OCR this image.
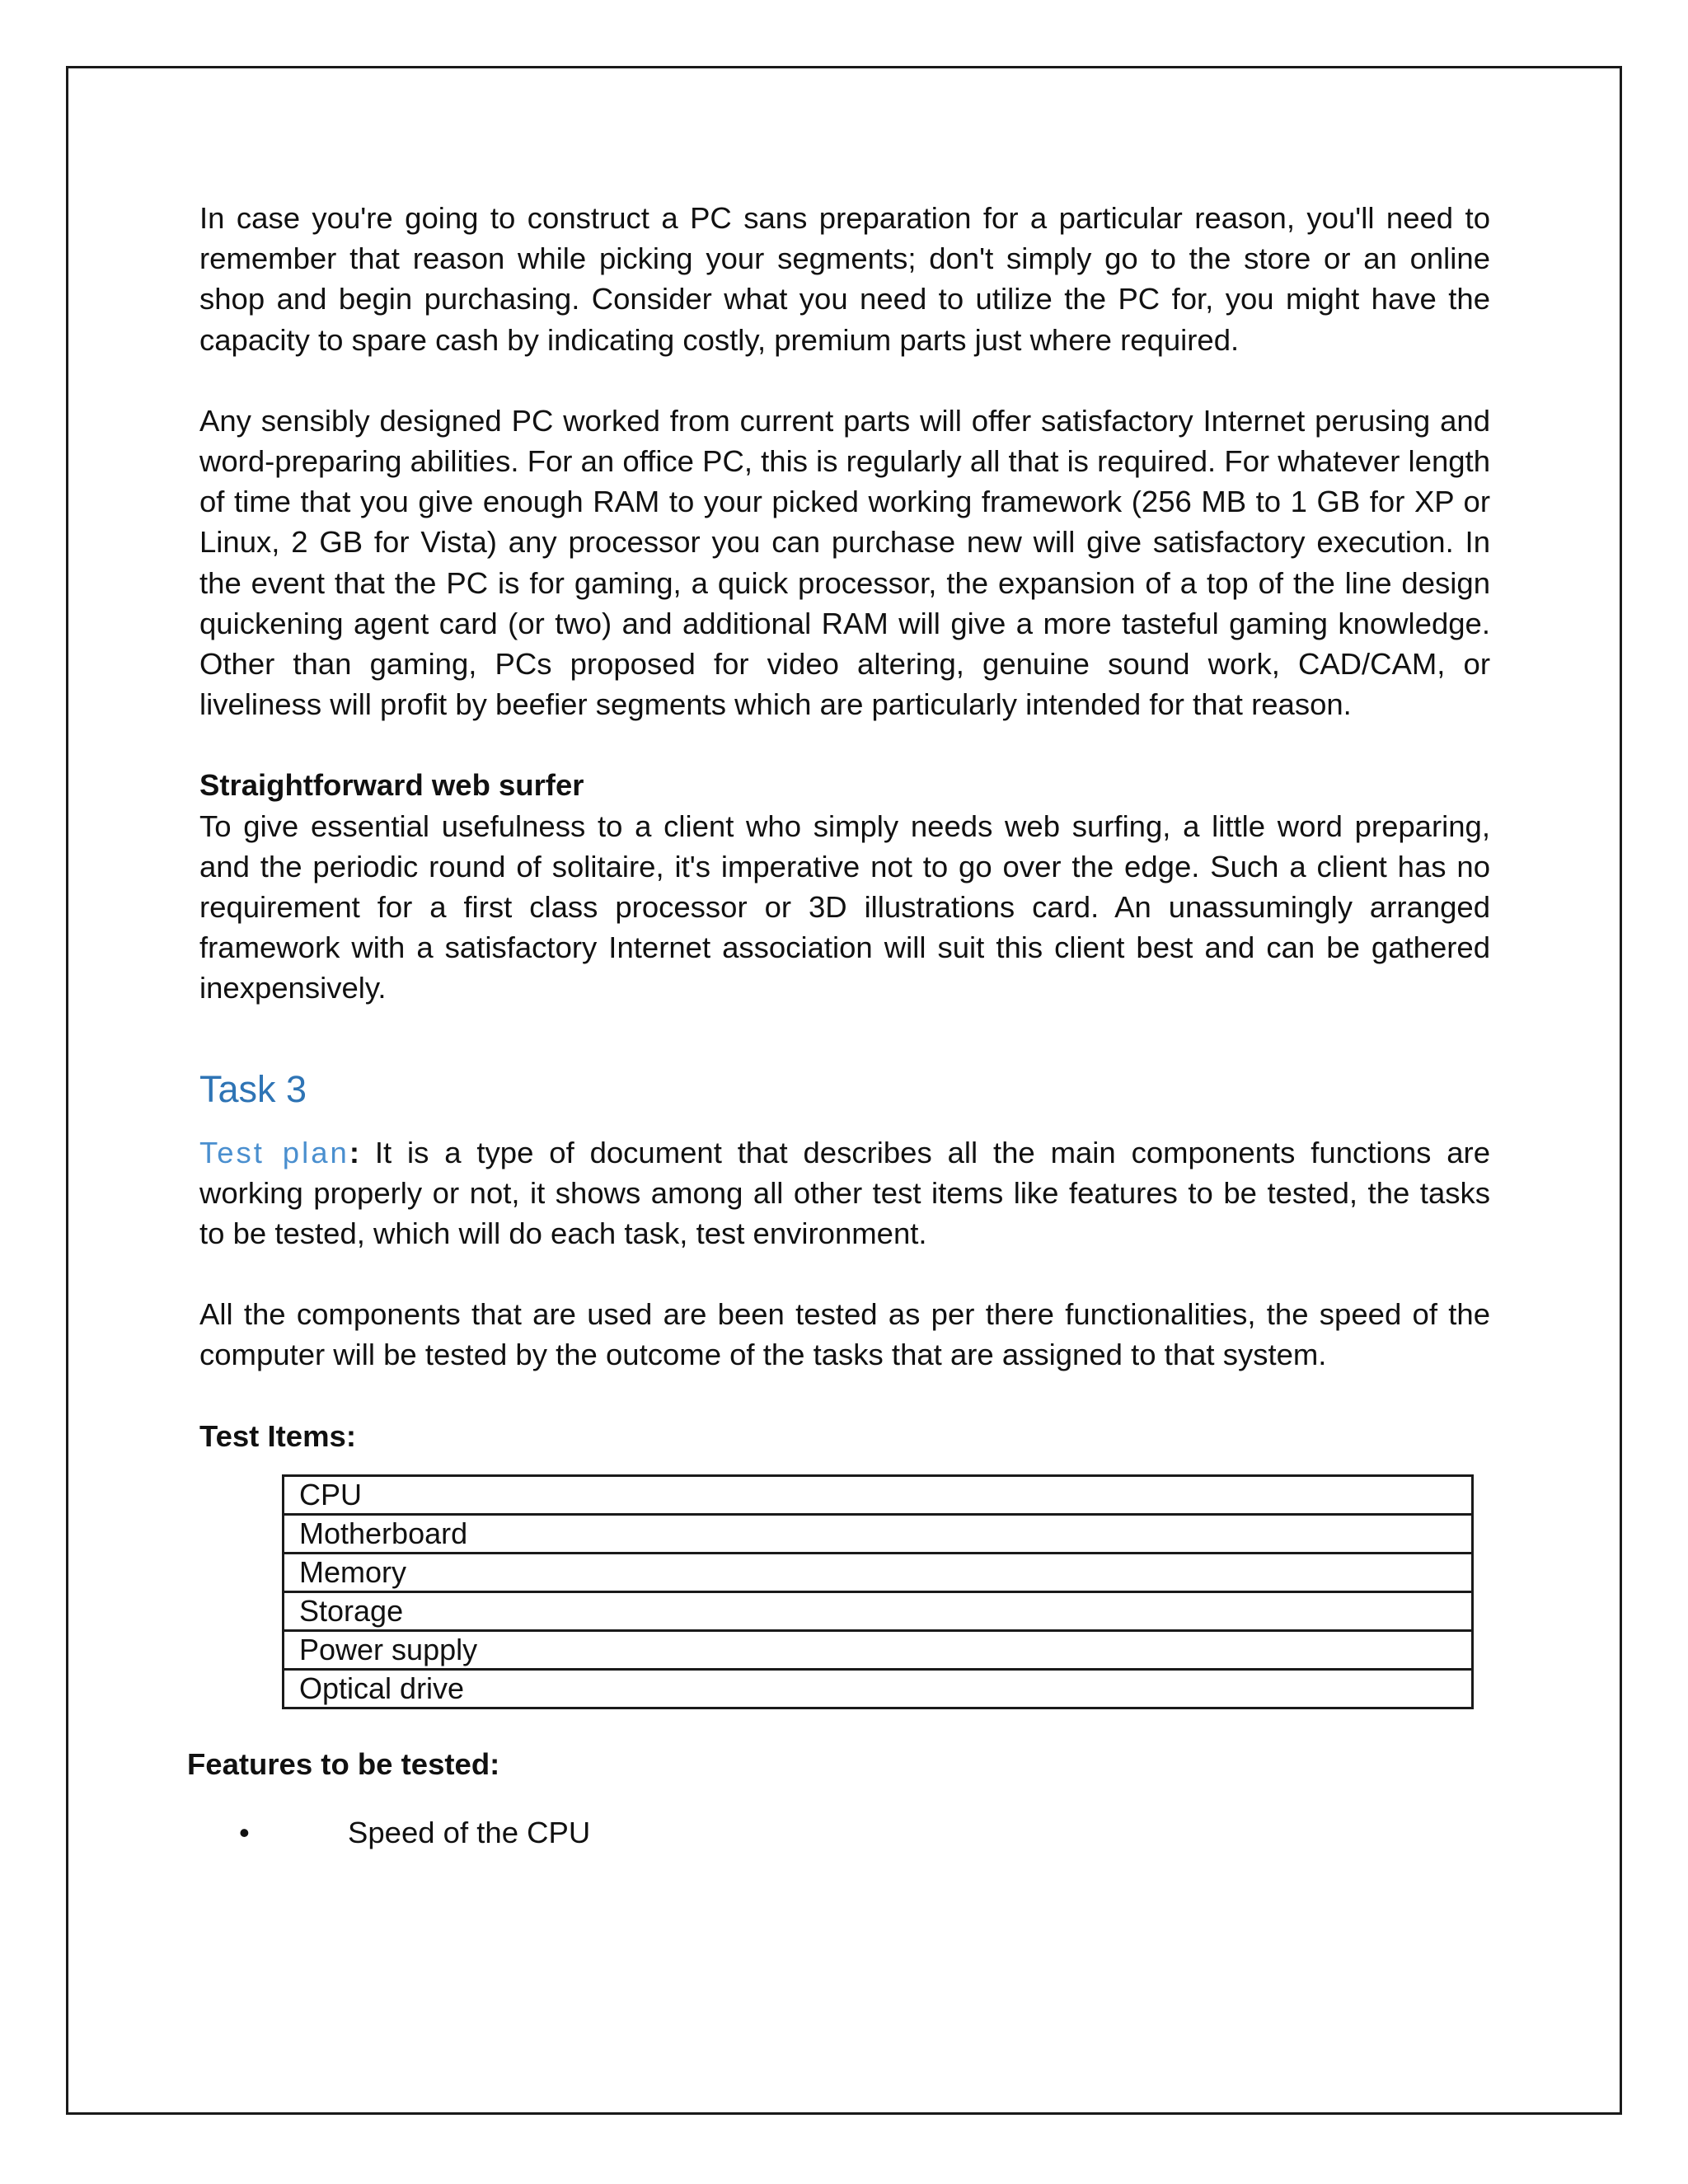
In case you're going to construct a PC sans preparation for a particular reason, you'll need to remember that reason while picking your segments; don't simply go to the store or an online shop and begin purchasing. Consider what you need to utilize the PC for, you might have the capacity to spare cash by indicating costly, premium parts just where required.

Any sensibly designed PC worked from current parts will offer satisfactory Internet perusing and word-preparing abilities. For an office PC, this is regularly all that is required. For whatever length of time that you give enough RAM to your picked working framework (256 MB to 1 GB for XP or Linux, 2 GB for Vista) any processor you can purchase new will give satisfactory execution. In the event that the PC is for gaming, a quick processor, the expansion of a top of the line design quickening agent card (or two) and additional RAM will give a more tasteful gaming knowledge. Other than gaming, PCs proposed for video altering, genuine sound work, CAD/CAM, or liveliness will profit by beefier segments which are particularly intended for that reason.

Straightforward web surfer

To give essential usefulness to a client who simply needs web surfing, a little word preparing, and the periodic round of solitaire, it's imperative not to go over the edge. Such a client has no requirement for a first class processor or 3D illustrations card. An unassumingly arranged framework with a satisfactory Internet association will suit this client best and can be gathered inexpensively.

Task 3

Test plan: It is a type of document that describes all the main components functions are working properly or not, it shows among all other test items like features to be tested, the tasks to be tested, which will do each task, test environment.

All the components that are used are been tested as per there functionalities, the speed of the computer will be tested by the outcome of the tasks that are assigned to that system.

Test Items:

CPU
Motherboard
Memory
Storage
Power supply
Optical drive

Features to be tested:

•	Speed of the CPU
